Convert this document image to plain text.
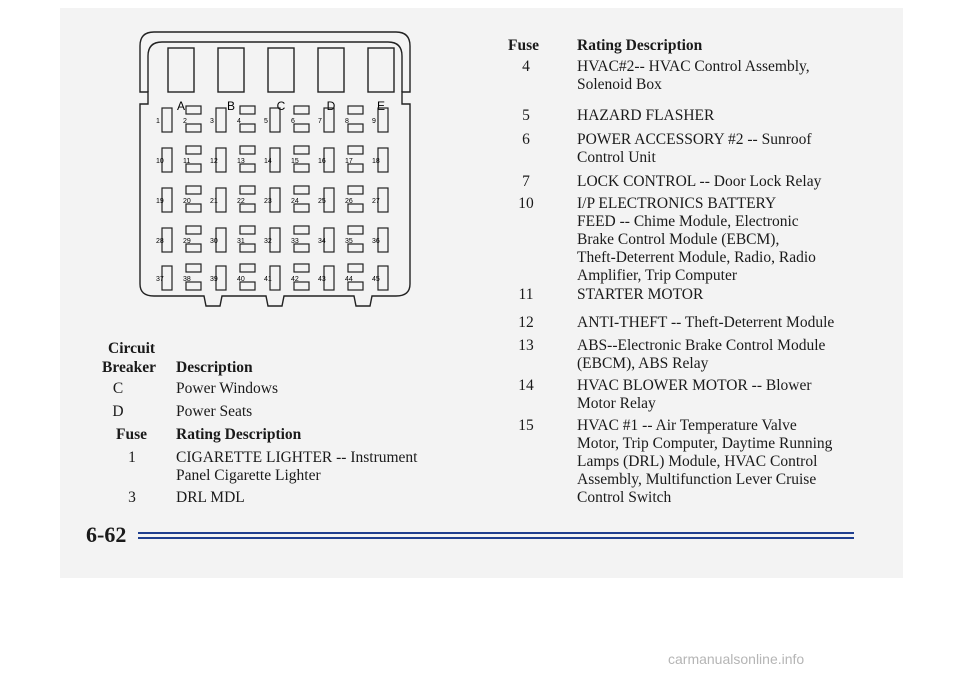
A	B	C	D	E
1	2	3	4	5	6	7	8	9
10	11	12	13	14	15	16	17	18
19	20	21	22	23	24	25	26	27
28	29	30	31	32	33	34	35	36
37	38	39	40	41	42	43	44	45
Circuit
Breaker Description
C	Power Windows
D	Power Seats
Fuse Rating Description
1	CIGARETTE LIGHTER -- Instrument
Panel Cigarette Lighter
3	DRL MDL
Fuse Rating Description
4	HVAC#2-- HVAC Control Assembly,
Solenoid Box
5	HAZARD FLASHER
6	POWER ACCESSORY #2 -- Sunroof
Control Unit
7	LOCK CONTROL -- Door Lock Relay
10	I/P ELECTRONICS BATTERY
FEED -- Chime Module, Electronic
Brake Control Module (EBCM),
Theft-Deterrent Module, Radio, Radio
Amplifier, Trip Computer
11	STARTER MOTOR
12	ANTI-THEFT -- Theft-Deterrent Module
13	ABS--Electronic Brake Control Module
(EBCM), ABS Relay
14	HVAC BLOWER MOTOR -- Blower
Motor Relay
15	HVAC #1 -- Air Temperature Valve
Motor, Trip Computer, Daytime Running
Lamps (DRL) Module, HVAC Control
Assembly, Multifunction Lever Cruise
Control Switch
6-62
carmanualsonline.info
